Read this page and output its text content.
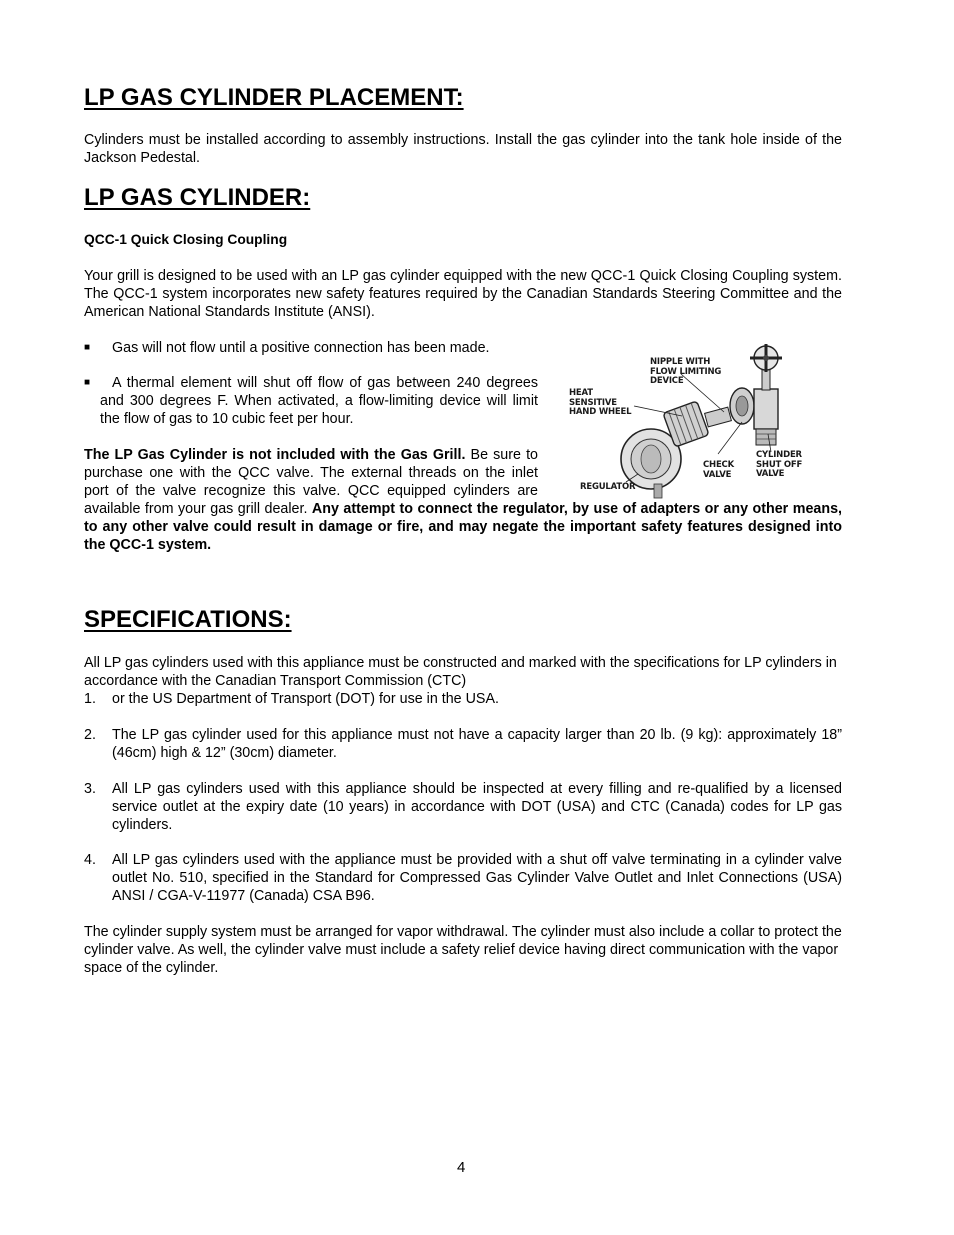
LP GAS CYLINDER PLACEMENT:

Cylinders must be installed according to assembly instructions. Install the gas cylinder into the tank hole inside of the Jackson Pedestal.

LP GAS CYLINDER:

QCC-1 Quick Closing Coupling

Your grill is designed to be used with an LP gas cylinder equipped with the new QCC-1 Quick Closing Coupling system. The QCC-1 system incorporates new safety features required by the Canadian Standards Steering Committee and the American National Standards Institute (ANSI).

■ Gas will not flow until a positive connection has been made.

■	A thermal element will shut off flow of gas between 240 degrees and 300 degrees F. When activated, a flow-limiting device will limit the flow of gas to 10 cubic feet per hour.

The LP Gas Cylinder is not included with the Gas Grill. Be sure to purchase one with the QCC valve. The external threads on the inlet port of the valve recognize this valve. QCC equipped cylinders are available from your gas grill dealer. Any attempt to connect the regulator, by use of adapters or any other means, to any other valve could result in damage or fire, and may negate the important safety features designed into the QCC-1 system.
NIPPLE WITH FLOW LIMITING DEVICE
HEAT SENSITIVE HAND WHEEL
REGULATOR
CHECK VALVE
CYLINDER SHUT OFF VALVE
SPECIFICATIONS:

All LP gas cylinders used with this appliance must be constructed and marked with the specifications for LP cylinders in accordance with the Canadian Transport Commission (CTC)

1. or the US Department of Transport (DOT) for use in the USA.

2. The LP gas cylinder used for this appliance must not have a capacity larger than 20 lb. (9 kg): approximately 18” (46cm) high & 12” (30cm) diameter.

3. All LP gas cylinders used with this appliance should be inspected at every filling and re-qualified by a licensed service outlet at the expiry date (10 years) in accordance with DOT (USA) and CTC (Canada) codes for LP gas cylinders.

4. All LP gas cylinders used with the appliance must be provided with a shut off valve terminating in a cylinder valve outlet No. 510, specified in the Standard for Compressed Gas Cylinder Valve Outlet and Inlet Connections (USA) ANSI / CGA-V-11977 (Canada) CSA B96.

The cylinder supply system must be arranged for vapor withdrawal. The cylinder must also include a collar to protect the cylinder valve. As well, the cylinder valve must include a safety relief device having direct communication with the vapor space of the cylinder.

4
